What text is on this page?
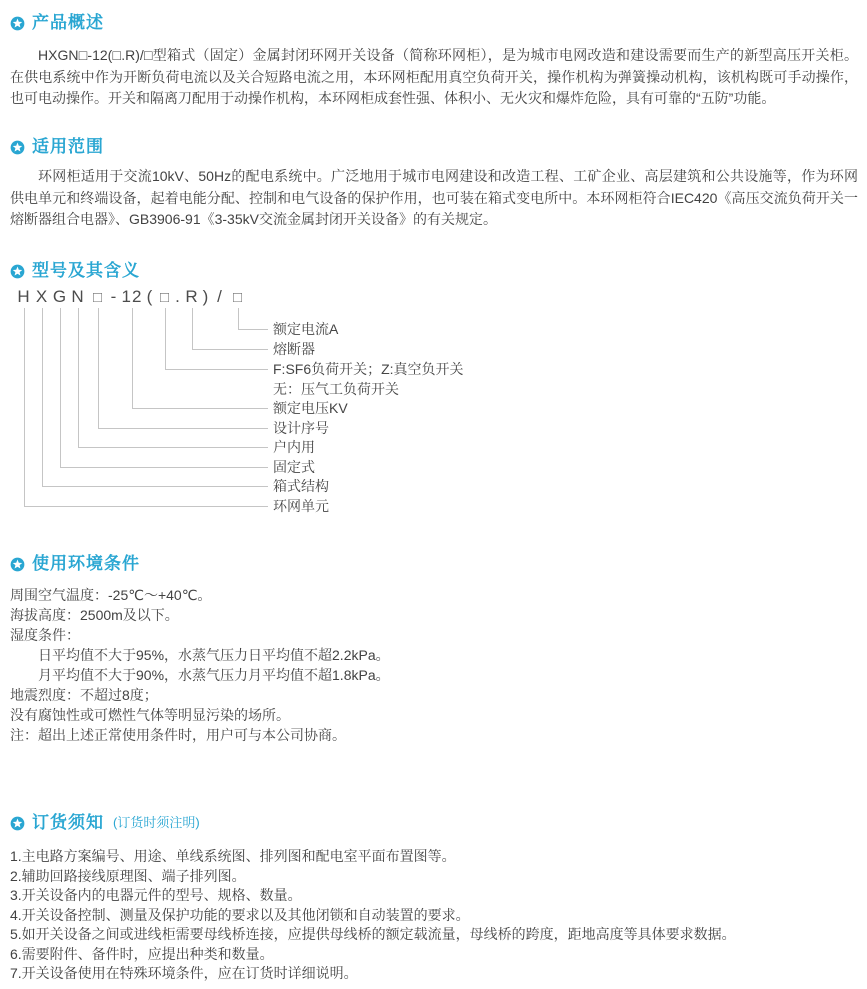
产品概述

HXGN□-12(□.R)/□型箱式（固定）金属封闭环网开关设备（简称环网柜），是为城市电网改造和建设需要而生产的新型高压开关柜。在供电系统中作为开断负荷电流以及关合短路电流之用，本环网柜配用真空负荷开关，操作机构为弹簧操动机构，该机构既可手动操作，也可电动操作。开关和隔离刀配用于动操作机构，本环网柜成套性强、体积小、无火灾和爆炸危险，具有可靠的“五防”功能。

适用范围

环网柜适用于交流10kV、50Hz的配电系统中。广泛地用于城市电网建设和改造工程、工矿企业、高层建筑和公共设施等，作为环网供电单元和终端设备，起着电能分配、控制和电气设备的保护作用，也可装在箱式变电所中。本环网柜符合IEC420《高压交流负荷开关一熔断器组合电器》、GB3906-91《3-35kV交流金属封闭开关设备》的有关规定。

型号及其含义
H X G N □ - 12 ( □ . R ) / □
额定电流A
熔断器
F:SF6负荷开关；Z:真空负开关
无：压气工负荷开关
额定电压KV
设计序号
户内用
固定式
箱式结构
环网单元
使用环境条件
周围空气温度：-25℃～+40℃。
海拔高度：2500m及以下。
湿度条件：
日平均值不大于95%，水蒸气压力日平均值不超2.2kPa。
月平均值不大于90%，水蒸气压力月平均值不超1.8kPa。
地震烈度：不超过8度；
没有腐蚀性或可燃性气体等明显污染的场所。
注：超出上述正常使用条件时，用户可与本公司协商。
订货须知 (订货时须注明)
1.主电路方案编号、用途、单线系统图、排列图和配电室平面布置图等。
2.辅助回路接线原理图、端子排列图。
3.开关设备内的电器元件的型号、规格、数量。
4.开关设备控制、测量及保护功能的要求以及其他闭锁和自动装置的要求。
5.如开关设备之间或进线柜需要母线桥连接，应提供母线桥的额定载流量，母线桥的跨度，距地高度等具体要求数据。
6.需要附件、备件时，应提出种类和数量。
7.开关设备使用在特殊环境条件，应在订货时详细说明。
